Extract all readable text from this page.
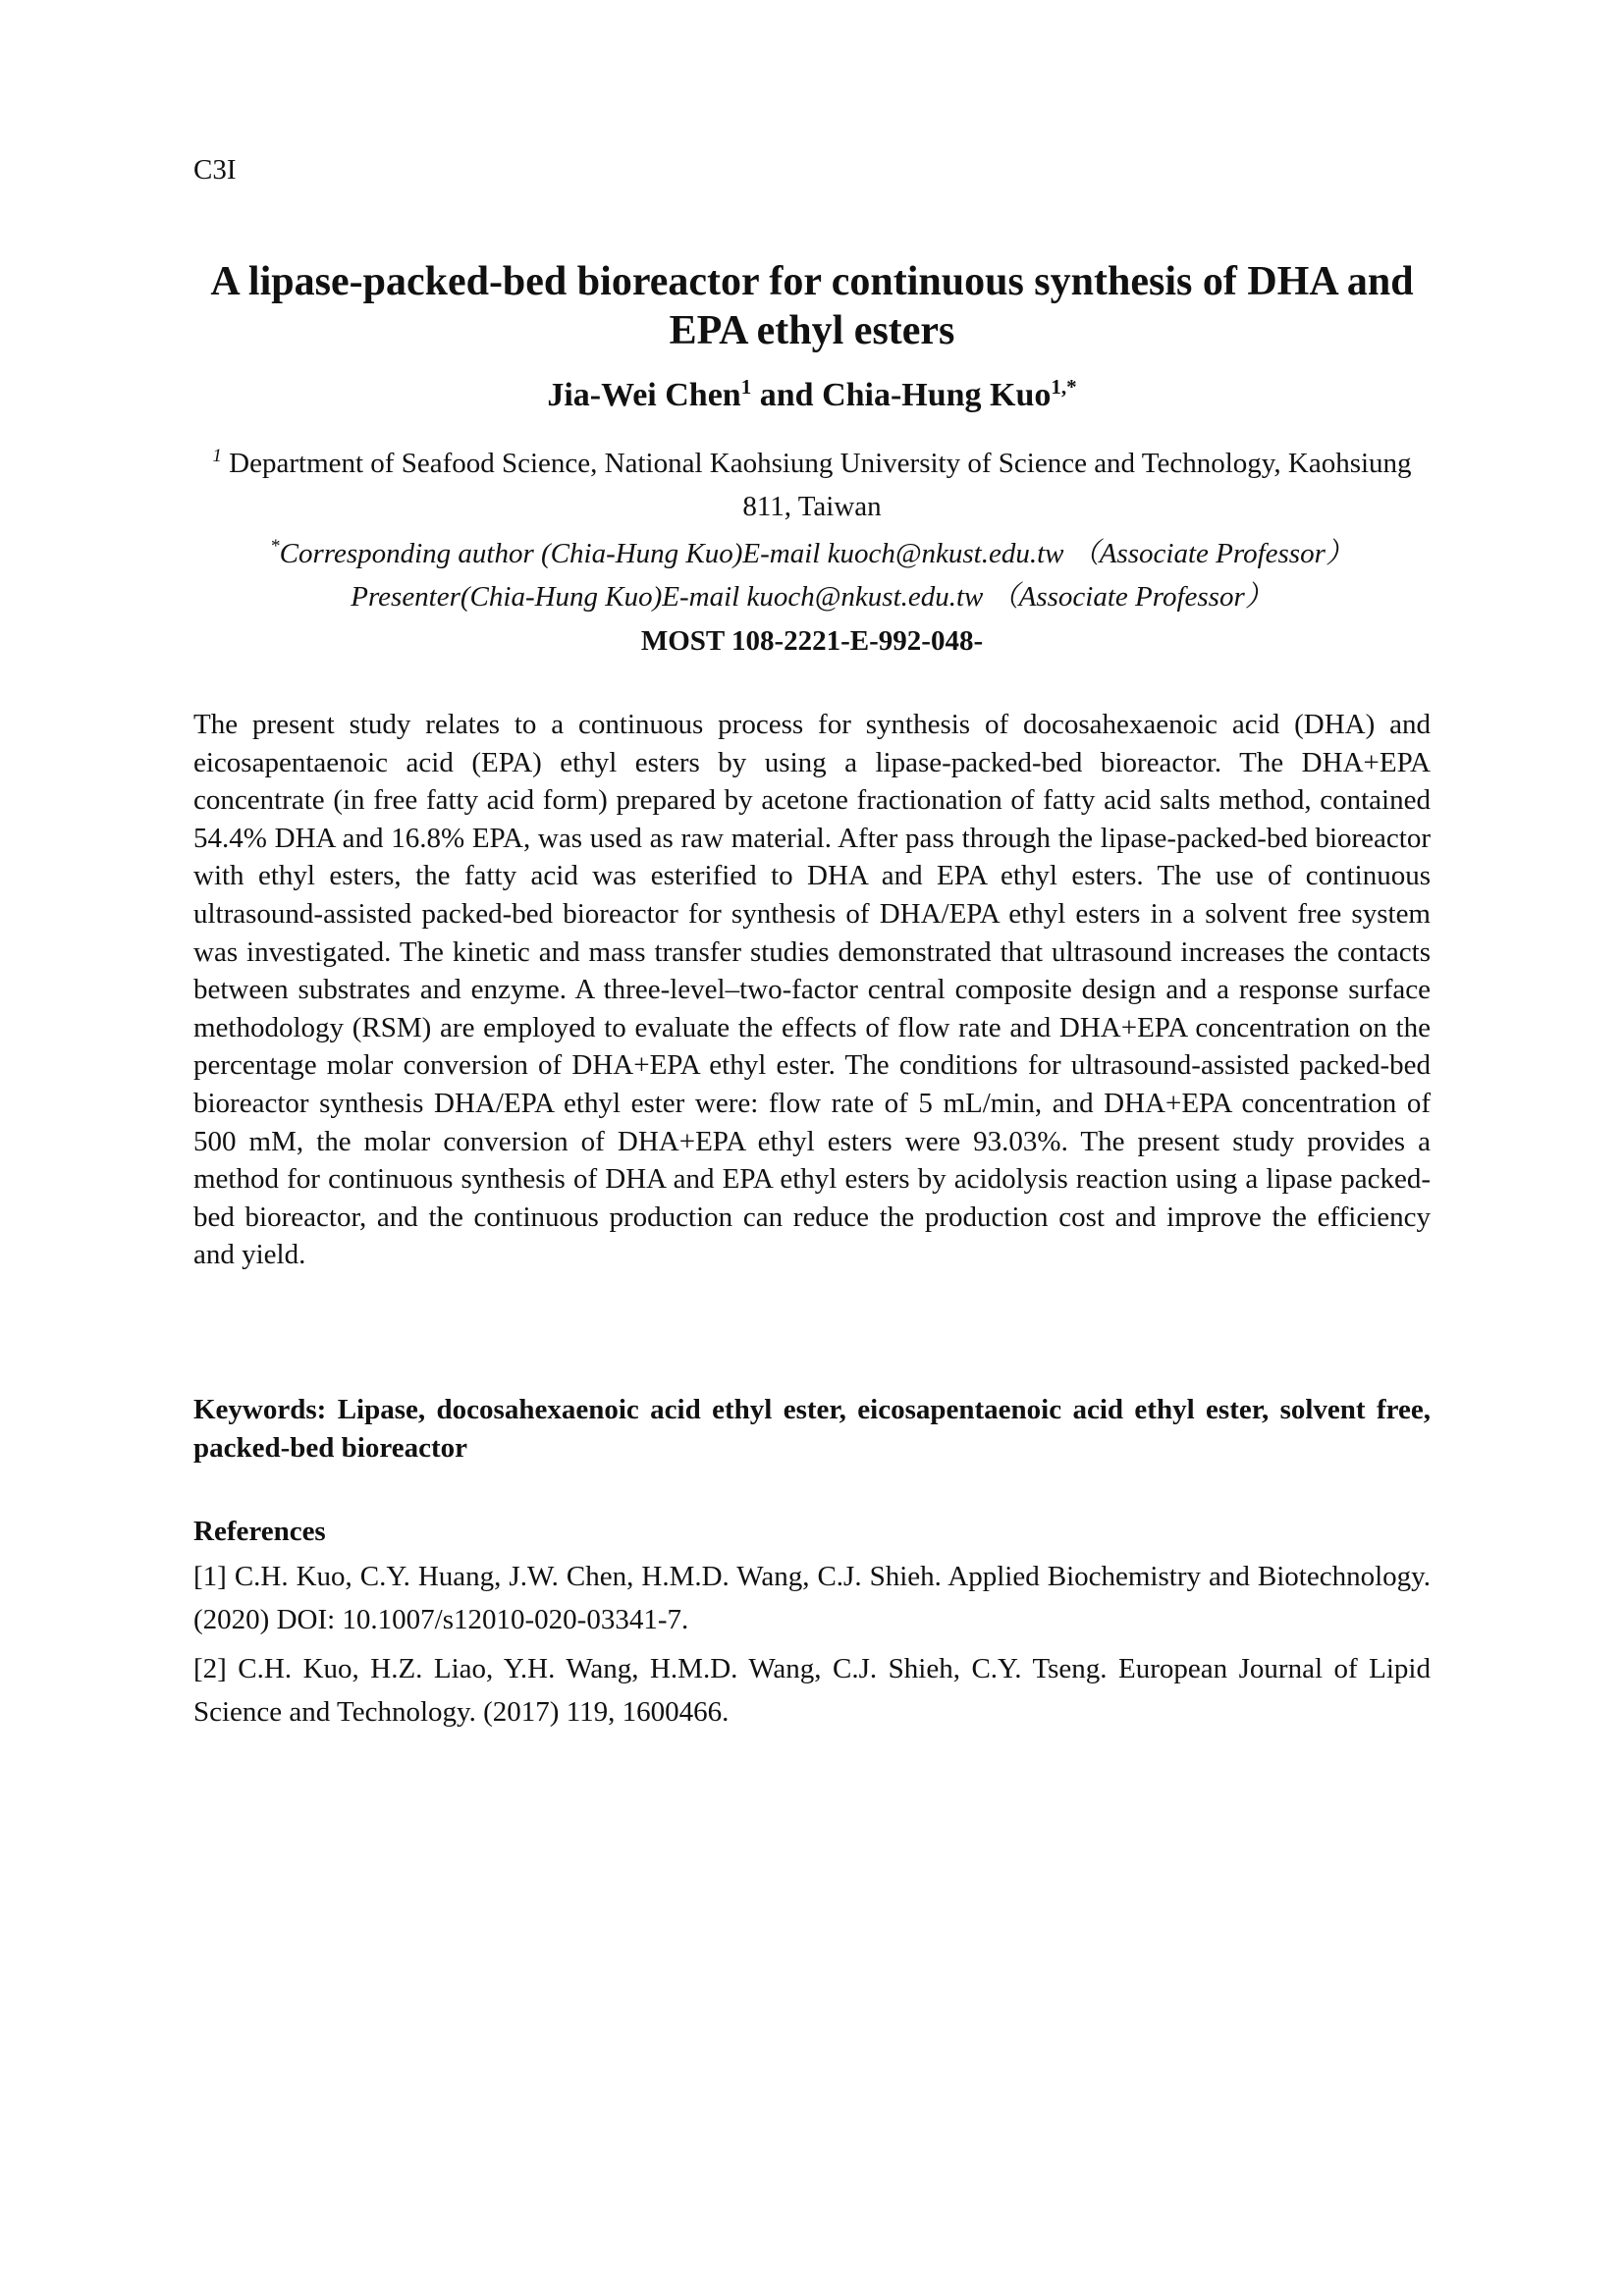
C3I
A lipase-packed-bed bioreactor for continuous synthesis of DHA and EPA ethyl esters
Jia-Wei Chen$^1$ and Chia-Hung Kuo$^{1,*}$
$^1$ Department of Seafood Science, National Kaohsiung University of Science and Technology, Kaohsiung 811, Taiwan
*Corresponding author (Chia-Hung Kuo)E-mail kuoch@nkust.edu.tw （Associate Professor）
Presenter(Chia-Hung Kuo)E-mail kuoch@nkust.edu.tw （Associate Professor）
MOST 108-2221-E-992-048-

The present study relates to a continuous process for synthesis of docosahexaenoic acid (DHA) and eicosapentaenoic acid (EPA) ethyl esters by using a lipase-packed-bed bioreactor. The DHA+EPA concentrate (in free fatty acid form) prepared by acetone fractionation of fatty acid salts method, contained 54.4% DHA and 16.8% EPA, was used as raw material. After pass through the lipase-packed-bed bioreactor with ethyl esters, the fatty acid was esterified to DHA and EPA ethyl esters. The use of continuous ultrasound-assisted packed-bed bioreactor for synthesis of DHA/EPA ethyl esters in a solvent free system was investigated. The kinetic and mass transfer studies demonstrated that ultrasound increases the contacts between substrates and enzyme. A three-level–two-factor central composite design and a response surface methodology (RSM) are employed to evaluate the effects of flow rate and DHA+EPA concentration on the percentage molar conversion of DHA+EPA ethyl ester. The conditions for ultrasound-assisted packed-bed bioreactor synthesis DHA/EPA ethyl ester were: flow rate of 5 mL/min, and DHA+EPA concentration of 500 mM, the molar conversion of DHA+EPA ethyl esters were 93.03%. The present study provides a method for continuous synthesis of DHA and EPA ethyl esters by acidolysis reaction using a lipase packed-bed bioreactor, and the continuous production can reduce the production cost and improve the efficiency and yield.

Keywords: Lipase, docosahexaenoic acid ethyl ester, eicosapentaenoic acid ethyl ester, solvent free, packed-bed bioreactor

References
[1] C.H. Kuo, C.Y. Huang, J.W. Chen, H.M.D. Wang, C.J. Shieh. Applied Biochemistry and Biotechnology. (2020) DOI: 10.1007/s12010-020-03341-7.
[2] C.H. Kuo, H.Z. Liao, Y.H. Wang, H.M.D. Wang, C.J. Shieh, C.Y. Tseng. European Journal of Lipid Science and Technology. (2017) 119, 1600466.
